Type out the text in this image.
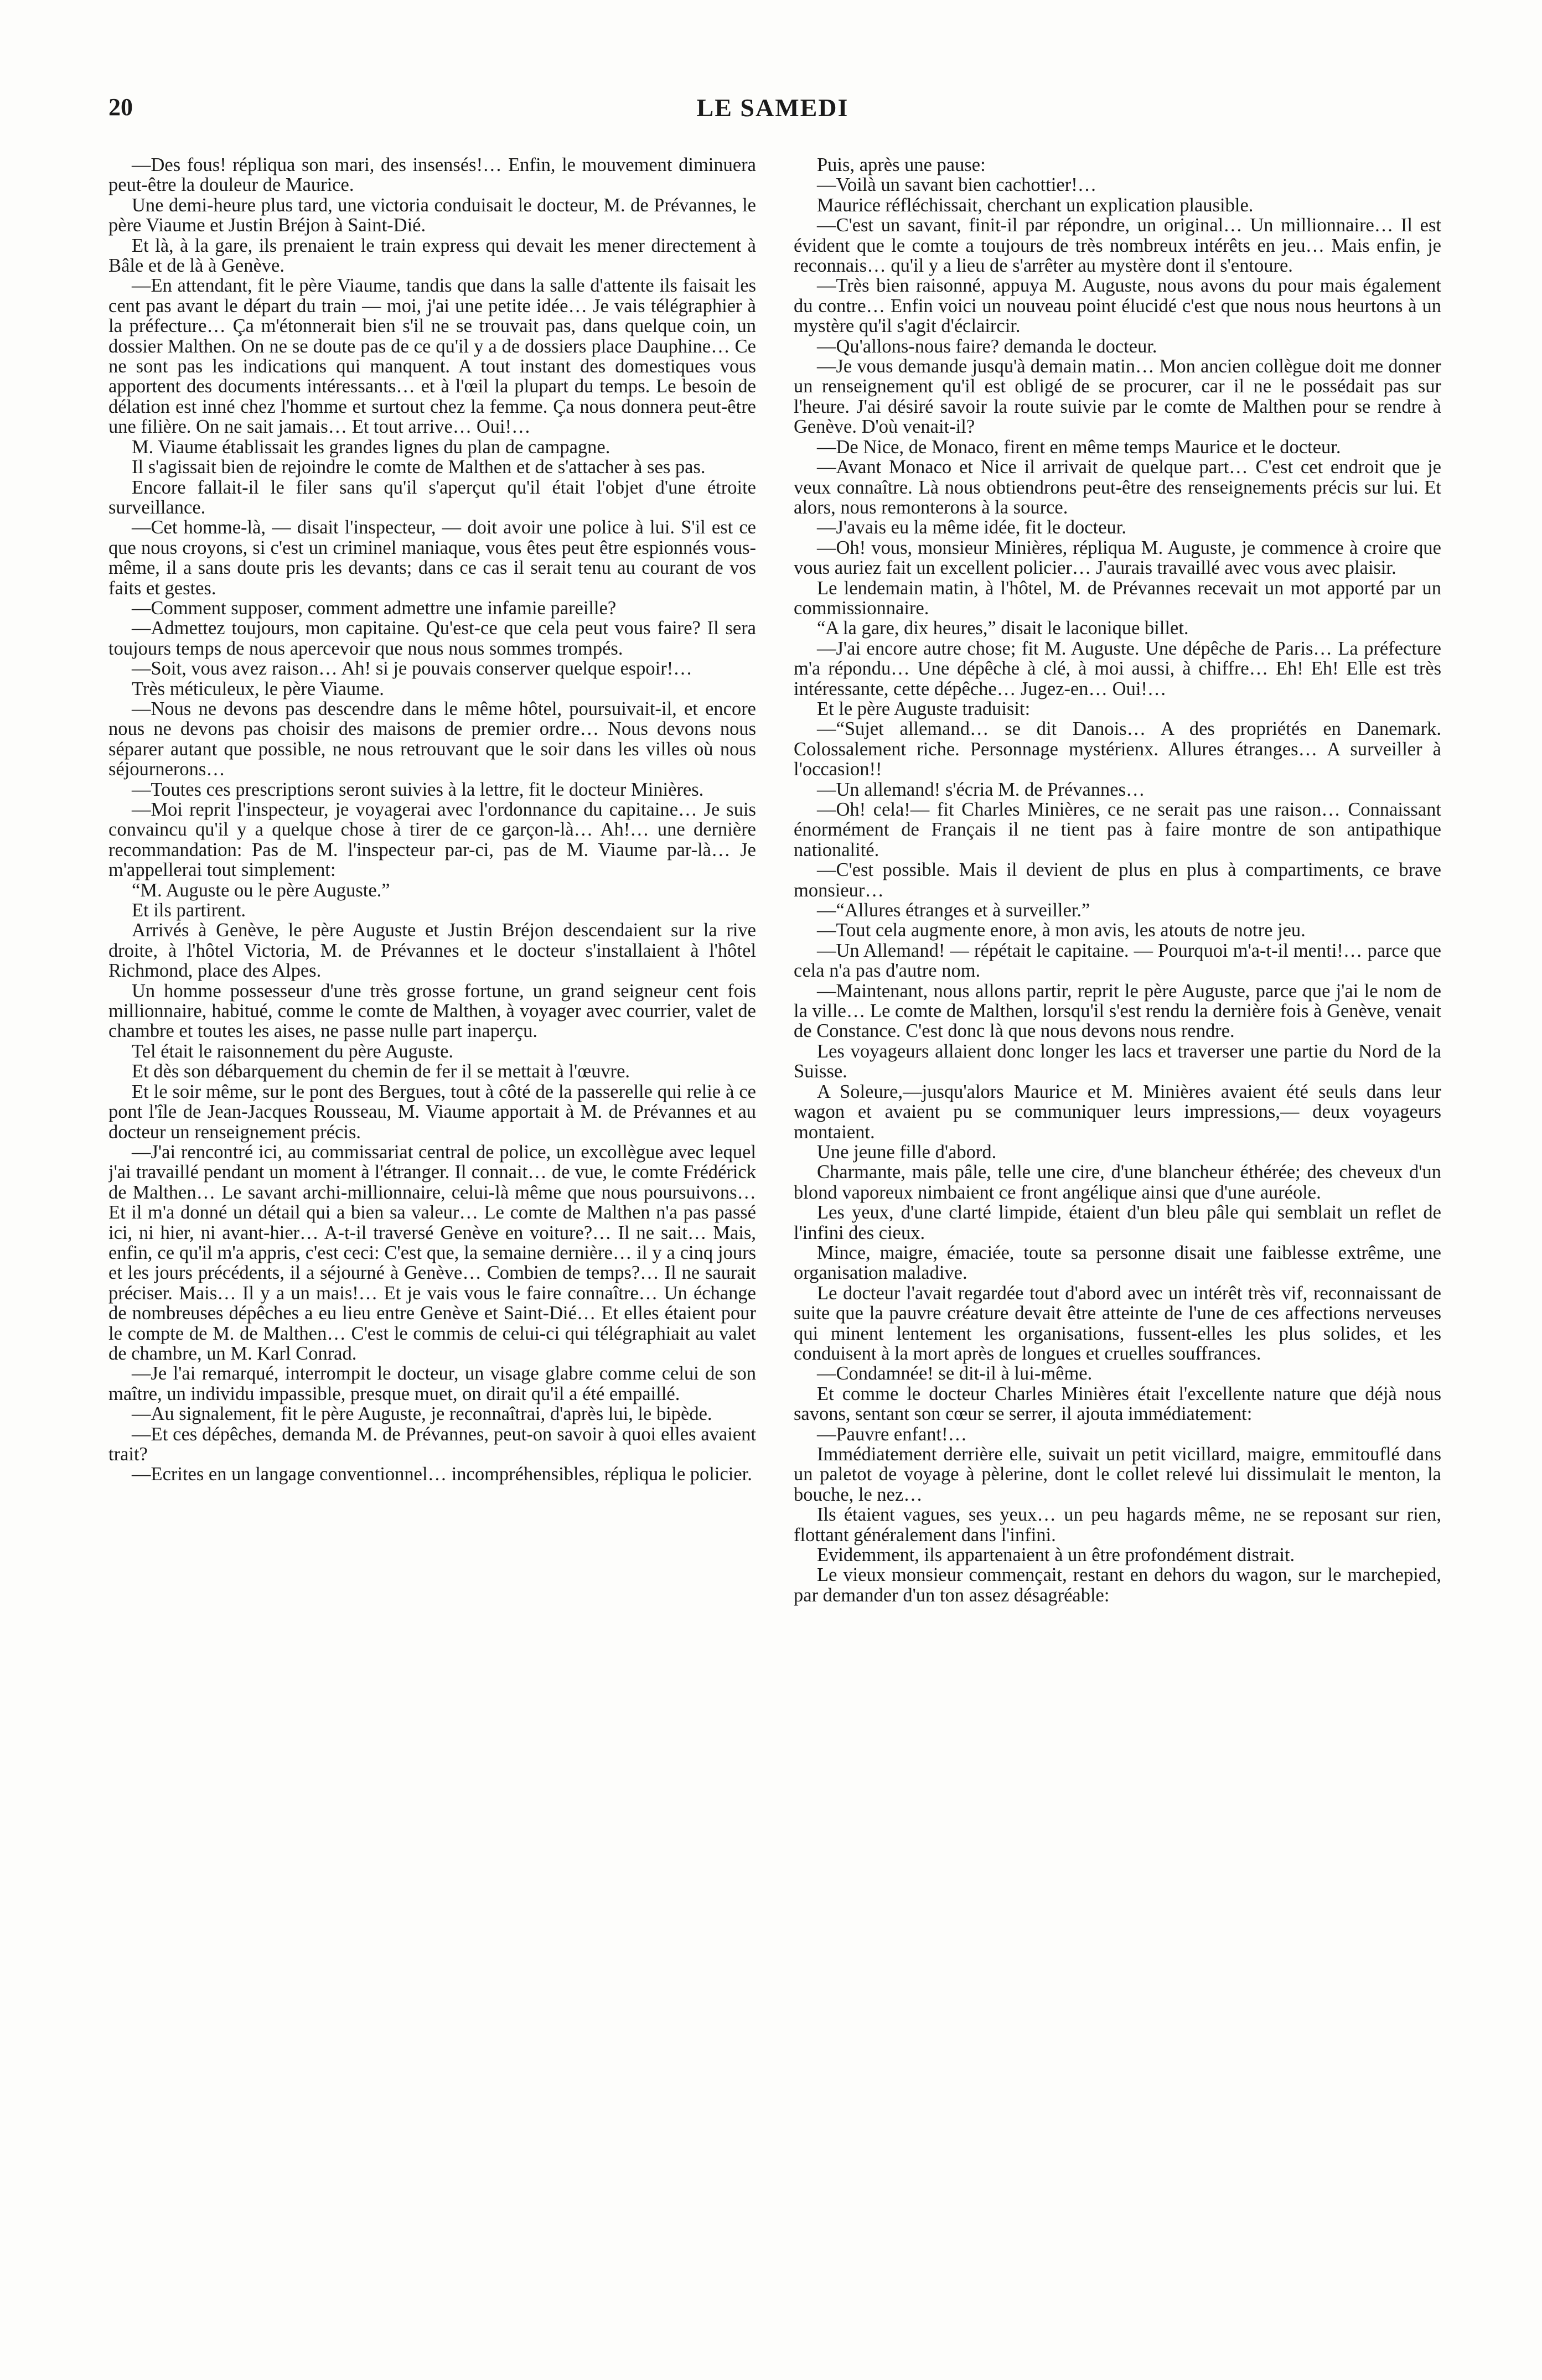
20	LE SAMEDI

—Des fous! répliqua son mari, des insensés!… Enfin, le mouvement diminuera peut-être la douleur de Maurice.

Une demi-heure plus tard, une victoria conduisait le docteur, M. de Prévannes, le père Viaume et Justin Bréjon à Saint-Dié.

Et là, à la gare, ils prenaient le train express qui devait les mener directement à Bâle et de là à Genève.

—En attendant, fit le père Viaume, tandis que dans la salle d'attente ils faisait les cent pas avant le départ du train — moi, j'ai une petite idée… Je vais télégraphier à la préfecture… Ça m'étonnerait bien s'il ne se trouvait pas, dans quelque coin, un dossier Malthen. On ne se doute pas de ce qu'il y a de dossiers place Dauphine… Ce ne sont pas les indications qui manquent. A tout instant des domestiques vous apportent des documents intéressants… et à l'œil la plupart du temps. Le besoin de délation est inné chez l'homme et surtout chez la femme. Ça nous donnera peut-être une filière. On ne sait jamais… Et tout arrive… Oui!…

M. Viaume établissait les grandes lignes du plan de campagne.

Il s'agissait bien de rejoindre le comte de Malthen et de s'attacher à ses pas.

Encore fallait-il le filer sans qu'il s'aperçut qu'il était l'objet d'une étroite surveillance.

—Cet homme-là, — disait l'inspecteur, — doit avoir une police à lui. S'il est ce que nous croyons, si c'est un criminel maniaque, vous êtes peut être espionnés vous-même, il a sans doute pris les devants; dans ce cas il serait tenu au courant de vos faits et gestes.

—Comment supposer, comment admettre une infamie pareille?

—Admettez toujours, mon capitaine. Qu'est-ce que cela peut vous faire? Il sera toujours temps de nous apercevoir que nous nous sommes trompés.

—Soit, vous avez raison… Ah! si je pouvais conserver quelque espoir!…

Très méticuleux, le père Viaume.

—Nous ne devons pas descendre dans le même hôtel, poursuivait-il, et encore nous ne devons pas choisir des maisons de premier ordre… Nous devons nous séparer autant que possible, ne nous retrouvant que le soir dans les villes où nous séjournerons…

—Toutes ces prescriptions seront suivies à la lettre, fit le docteur Minières.

—Moi reprit l'inspecteur, je voyagerai avec l'ordonnance du capitaine… Je suis convaincu qu'il y a quelque chose à tirer de ce garçon-là… Ah!… une dernière recommandation: Pas de M. l'inspecteur par-ci, pas de M. Viaume par-là… Je m'appellerai tout simplement:

“M. Auguste ou le père Auguste.”

Et ils partirent.

Arrivés à Genève, le père Auguste et Justin Bréjon descendaient sur la rive droite, à l'hôtel Victoria, M. de Prévannes et le docteur s'installaient à l'hôtel Richmond, place des Alpes.

Un homme possesseur d'une très grosse fortune, un grand seigneur cent fois millionnaire, habitué, comme le comte de Malthen, à voyager avec courrier, valet de chambre et toutes les aises, ne passe nulle part inaperçu.

Tel était le raisonnement du père Auguste.

Et dès son débarquement du chemin de fer il se mettait à l'œuvre.

Et le soir même, sur le pont des Bergues, tout à côté de la passerelle qui relie à ce pont l'île de Jean-Jacques Rousseau, M. Viaume apportait à M. de Prévannes et au docteur un renseignement précis.

—J'ai rencontré ici, au commissariat central de police, un excollègue avec lequel j'ai travaillé pendant un moment à l'étranger. Il connait… de vue, le comte Frédérick de Malthen… Le savant archi-millionnaire, celui-là même que nous poursuivons… Et il m'a donné un détail qui a bien sa valeur… Le comte de Malthen n'a pas passé ici, ni hier, ni avant-hier… A-t-il traversé Genève en voiture?… Il ne sait… Mais, enfin, ce qu'il m'a appris, c'est ceci: C'est que, la semaine dernière… il y a cinq jours et les jours précédents, il a séjourné à Genève… Combien de temps?… Il ne saurait préciser. Mais… Il y a un mais!… Et je vais vous le faire connaître… Un échange de nombreuses dépêches a eu lieu entre Genève et Saint-Dié… Et elles étaient pour le compte de M. de Malthen… C'est le commis de celui-ci qui télégraphiait au valet de chambre, un M. Karl Conrad.

—Je l'ai remarqué, interrompit le docteur, un visage glabre comme celui de son maître, un individu impassible, presque muet, on dirait qu'il a été empaillé.

—Au signalement, fit le père Auguste, je reconnaîtrai, d'après lui, le bipède.

—Et ces dépêches, demanda M. de Prévannes, peut-on savoir à quoi elles avaient trait?

—Ecrites en un langage conventionnel… incompréhensibles, répliqua le policier.

Puis, après une pause:

—Voilà un savant bien cachottier!…

Maurice réfléchissait, cherchant un explication plausible.

—C'est un savant, finit-il par répondre, un original… Un millionnaire… Il est évident que le comte a toujours de très nombreux intérêts en jeu… Mais enfin, je reconnais… qu'il y a lieu de s'arrêter au mystère dont il s'entoure.

—Très bien raisonné, appuya M. Auguste, nous avons du pour mais également du contre… Enfin voici un nouveau point élucidé c'est que nous nous heurtons à un mystère qu'il s'agit d'éclaircir.

—Qu'allons-nous faire? demanda le docteur.

—Je vous demande jusqu'à demain matin… Mon ancien collègue doit me donner un renseignement qu'il est obligé de se procurer, car il ne le possédait pas sur l'heure. J'ai désiré savoir la route suivie par le comte de Malthen pour se rendre à Genève. D'où venait-il?

—De Nice, de Monaco, firent en même temps Maurice et le docteur.

—Avant Monaco et Nice il arrivait de quelque part… C'est cet endroit que je veux connaître. Là nous obtiendrons peut-être des renseignements précis sur lui. Et alors, nous remonterons à la source.

—J'avais eu la même idée, fit le docteur.

—Oh! vous, monsieur Minières, répliqua M. Auguste, je commence à croire que vous auriez fait un excellent policier… J'aurais travaillé avec vous avec plaisir.

Le lendemain matin, à l'hôtel, M. de Prévannes recevait un mot apporté par un commissionnaire.

“A la gare, dix heures,” disait le laconique billet.

—J'ai encore autre chose; fit M. Auguste. Une dépêche de Paris… La préfecture m'a répondu… Une dépêche à clé, à moi aussi, à chiffre… Eh! Eh! Elle est très intéressante, cette dépêche… Jugez-en… Oui!…

Et le père Auguste traduisit:

—“Sujet allemand… se dit Danois… A des propriétés en Danemark. Colossalement riche. Personnage mystérienx. Allures étranges… A surveiller à l'occasion!!

—Un allemand! s'écria M. de Prévannes…

—Oh! cela!— fit Charles Minières, ce ne serait pas une raison… Connaissant énormément de Français il ne tient pas à faire montre de son antipathique nationalité.

—C'est possible. Mais il devient de plus en plus à compartiments, ce brave monsieur…

—“Allures étranges et à surveiller.”

—Tout cela augmente enore, à mon avis, les atouts de notre jeu.

—Un Allemand! — répétait le capitaine. — Pourquoi m'a-t-il menti!… parce que cela n'a pas d'autre nom.

—Maintenant, nous allons partir, reprit le père Auguste, parce que j'ai le nom de la ville… Le comte de Malthen, lorsqu'il s'est rendu la dernière fois à Genève, venait de Constance. C'est donc là que nous devons nous rendre.

Les voyageurs allaient donc longer les lacs et traverser une partie du Nord de la Suisse.

A Soleure,—jusqu'alors Maurice et M. Minières avaient été seuls dans leur wagon et avaient pu se communiquer leurs impressions,— deux voyageurs montaient.

Une jeune fille d'abord.

Charmante, mais pâle, telle une cire, d'une blancheur éthérée; des cheveux d'un blond vaporeux nimbaient ce front angélique ainsi que d'une auréole.

Les yeux, d'une clarté limpide, étaient d'un bleu pâle qui semblait un reflet de l'infini des cieux.

Mince, maigre, émaciée, toute sa personne disait une faiblesse extrême, une organisation maladive.

Le docteur l'avait regardée tout d'abord avec un intérêt très vif, reconnaissant de suite que la pauvre créature devait être atteinte de l'une de ces affections nerveuses qui minent lentement les organisations, fussent-elles les plus solides, et les conduisent à la mort après de longues et cruelles souffrances.

—Condamnée! se dit-il à lui-même.

Et comme le docteur Charles Minières était l'excellente nature que déjà nous savons, sentant son cœur se serrer, il ajouta immédiatement:

—Pauvre enfant!…

Immédiatement derrière elle, suivait un petit vicillard, maigre, emmitouflé dans un paletot de voyage à pèlerine, dont le collet relevé lui dissimulait le menton, la bouche, le nez…

Ils étaient vagues, ses yeux… un peu hagards même, ne se reposant sur rien, flottant généralement dans l'infini.

Evidemment, ils appartenaient à un être profondément distrait.

Le vieux monsieur commençait, restant en dehors du wagon, sur le marchepied, par demander d'un ton assez désagréable:
